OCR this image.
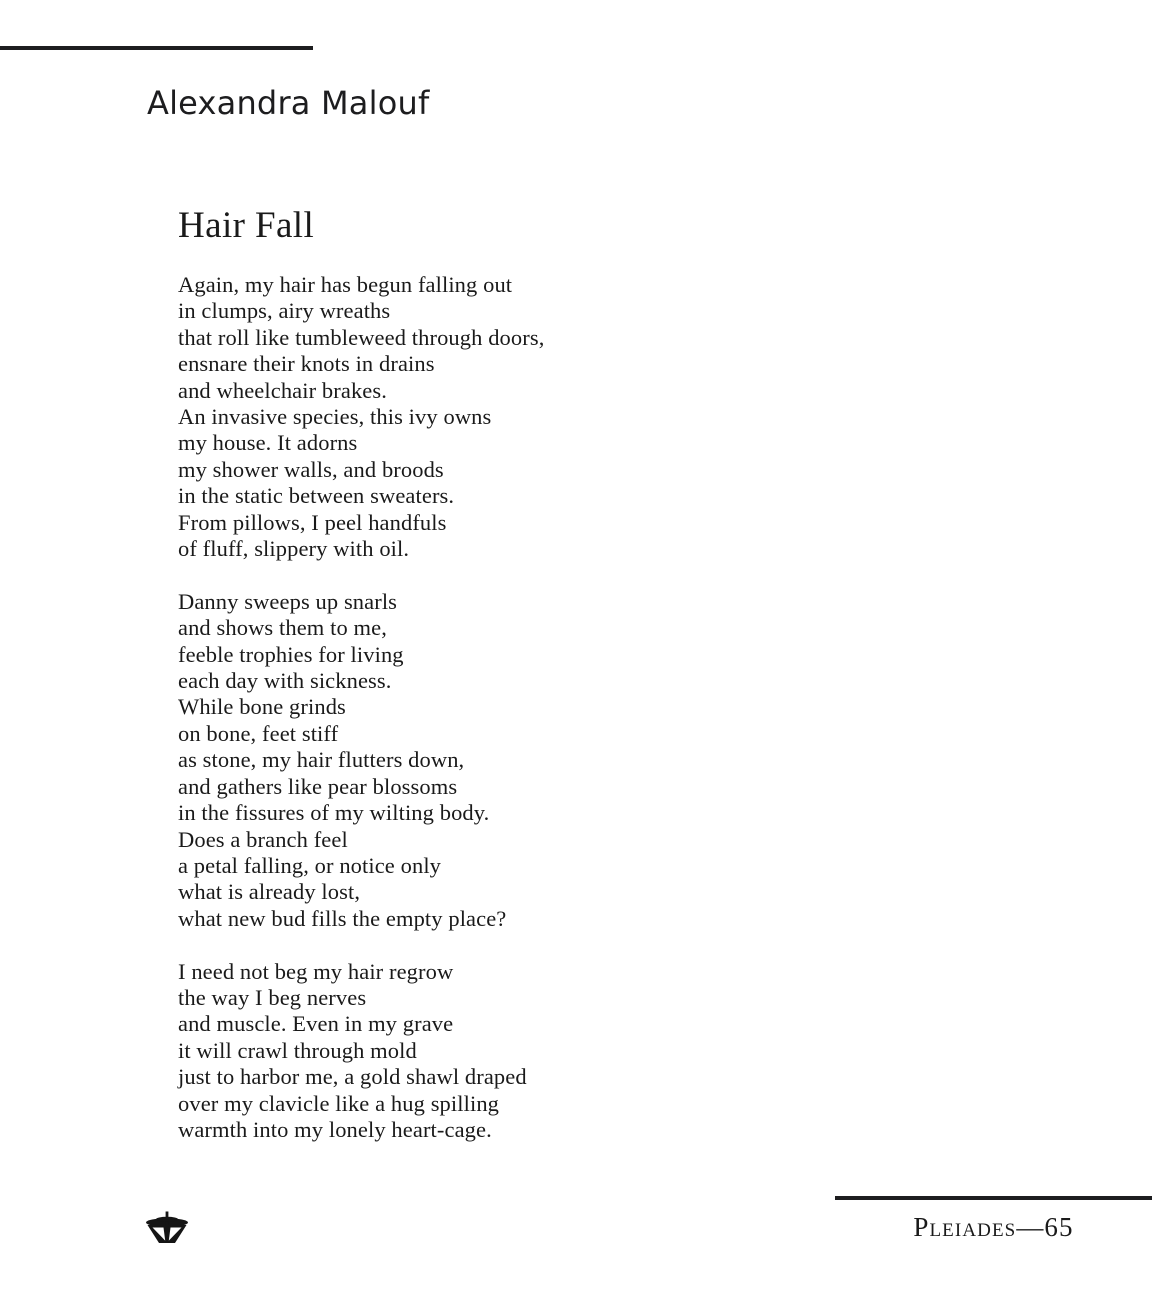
Alexandra Malouf
Hair Fall
Again, my hair has begun falling out
in clumps, airy wreaths
that roll like tumbleweed through doors,
ensnare their knots in drains
and wheelchair brakes.
An invasive species, this ivy owns
my house. It adorns
my shower walls, and broods
in the static between sweaters.
From pillows, I peel handfuls
of fluff, slippery with oil.
Danny sweeps up snarls
and shows them to me,
feeble trophies for living
each day with sickness.
While bone grinds
on bone, feet stiff
as stone, my hair flutters down,
and gathers like pear blossoms
in the fissures of my wilting body.
Does a branch feel
a petal falling, or notice only
what is already lost,
what new bud fills the empty place?
I need not beg my hair regrow
the way I beg nerves
and muscle. Even in my grave
it will crawl through mold
just to harbor me, a gold shawl draped
over my clavicle like a hug spilling
warmth into my lonely heart-cage.
Pleiades—65
